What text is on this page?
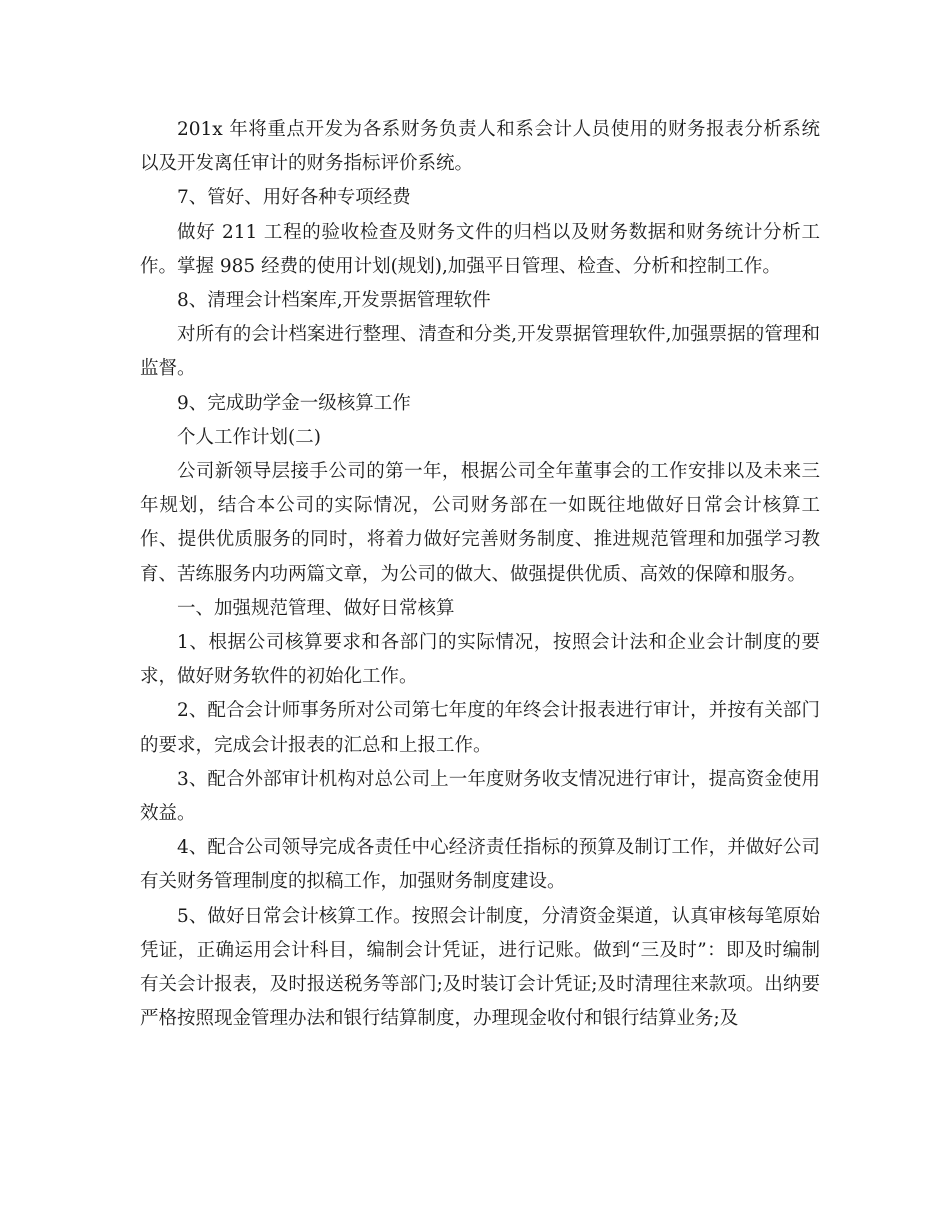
201x 年将重点开发为各系财务负责人和系会计人员使用的财务报表分析系统以及开发离任审计的财务指标评价系统。

7、管好、用好各种专项经费

做好 211 工程的验收检查及财务文件的归档以及财务数据和财务统计分析工作。掌握 985 经费的使用计划(规划),加强平日管理、检查、分析和控制工作。

8、清理会计档案库,开发票据管理软件

对所有的会计档案进行整理、清查和分类,开发票据管理软件,加强票据的管理和监督。

9、完成助学金一级核算工作

个人工作计划(二)

公司新领导层接手公司的第一年，根据公司全年董事会的工作安排以及未来三年规划，结合本公司的实际情况，公司财务部在一如既往地做好日常会计核算工作、提供优质服务的同时，将着力做好完善财务制度、推进规范管理和加强学习教育、苦练服务内功两篇文章，为公司的做大、做强提供优质、高效的保障和服务。

一、加强规范管理、做好日常核算

1、根据公司核算要求和各部门的实际情况，按照会计法和企业会计制度的要求，做好财务软件的初始化工作。

2、配合会计师事务所对公司第七年度的年终会计报表进行审计，并按有关部门的要求，完成会计报表的汇总和上报工作。

3、配合外部审计机构对总公司上一年度财务收支情况进行审计，提高资金使用效益。

4、配合公司领导完成各责任中心经济责任指标的预算及制订工作，并做好公司有关财务管理制度的拟稿工作，加强财务制度建设。

5、做好日常会计核算工作。按照会计制度，分清资金渠道，认真审核每笔原始凭证，正确运用会计科目，编制会计凭证，进行记账。做到“三及时”：即及时编制有关会计报表，及时报送税务等部门;及时装订会计凭证;及时清理往来款项。出纳要严格按照现金管理办法和银行结算制度，办理现金收付和银行结算业务;及
